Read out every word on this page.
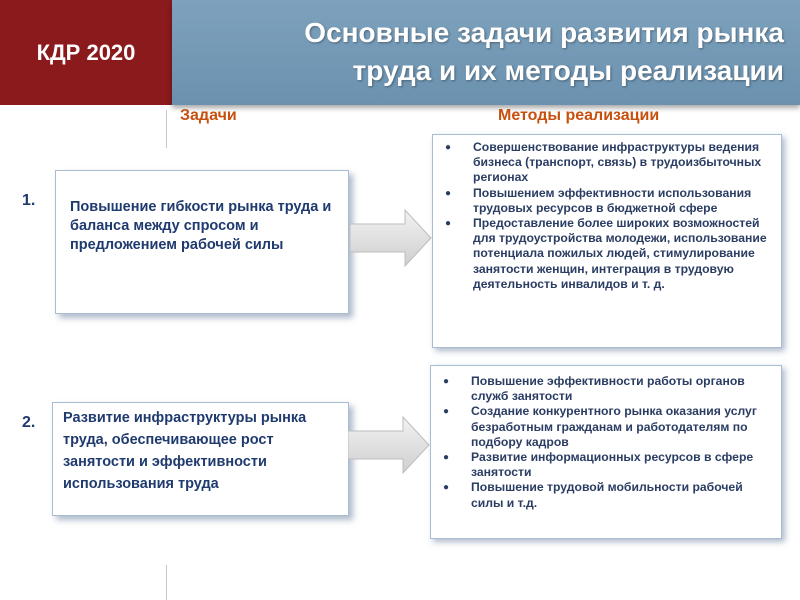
КДР 2020
Основные задачи развития рынка
труда и их методы реализации
Задачи	Методы реализации
1.	Повышение гибкости рынка труда и баланса между спросом и предложением рабочей силы
● Совершенствование инфраструктуры ведения бизнеса (транспорт, связь) в трудоизбыточных регионах
● Повышением эффективности использования трудовых ресурсов в бюджетной сфере
● Предоставление более широких возможностей для трудоустройства молодежи, использование потенциала пожилых людей, стимулирование занятости женщин, интеграция в трудовую деятельность инвалидов и т. д.
2.	Развитие инфраструктуры рынка труда, обеспечивающее рост занятости и эффективности использования труда
● Повышение эффективности работы органов служб занятости
● Создание конкурентного рынка оказания услуг безработным гражданам и работодателям по подбору кадров
● Развитие информационных ресурсов в сфере занятости
● Повышение трудовой мобильности рабочей силы и т.д.
